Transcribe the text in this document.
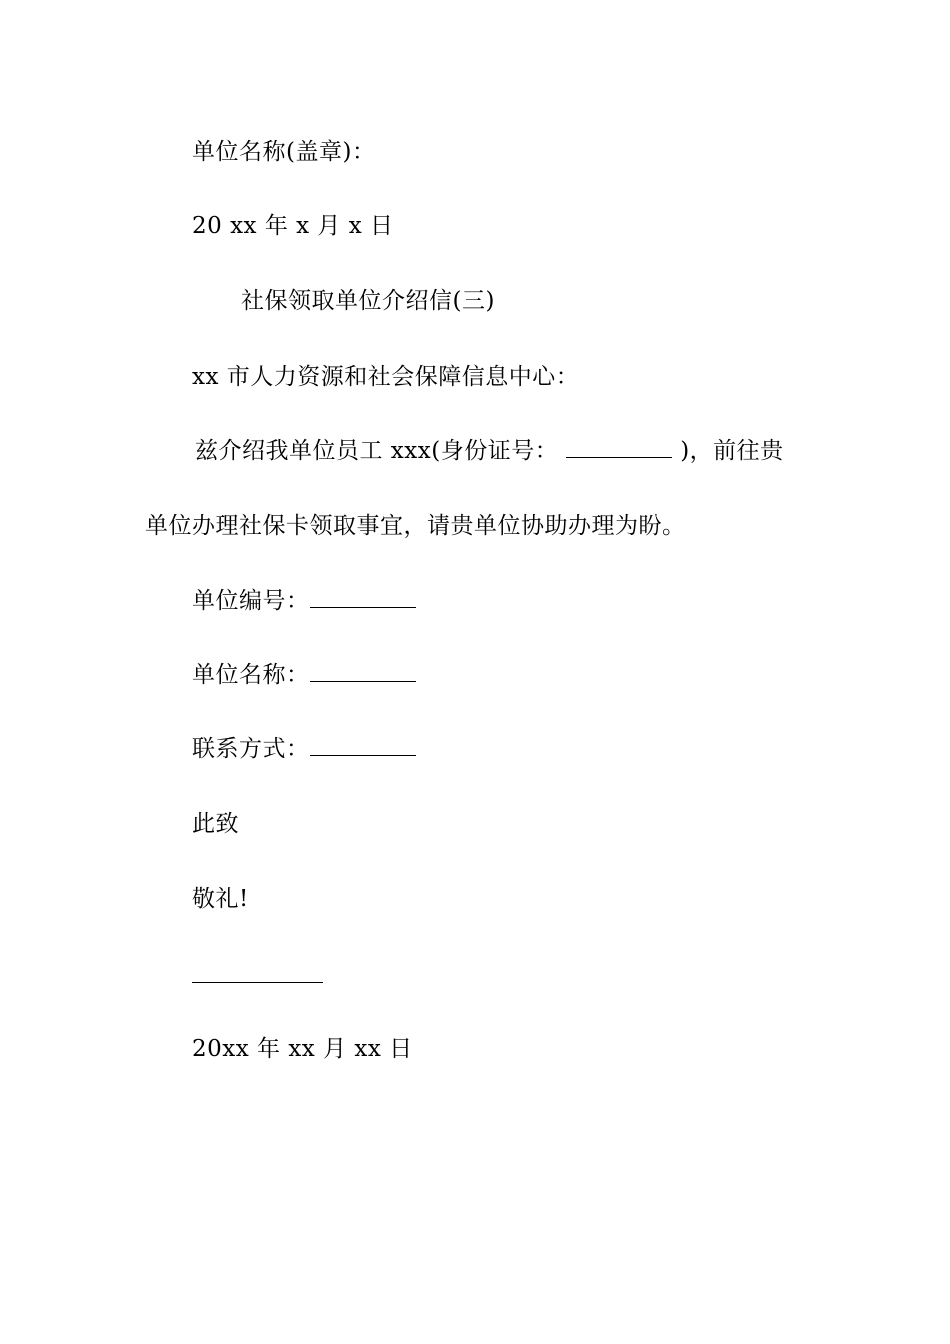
单位名称(盖章)：
20 xx 年 x 月 x 日
社保领取单位介绍信(三)
xx 市人力资源和社会保障信息中心：
兹介绍我单位员工 xxx(身份证号：	)，前往贵
单位办理社保卡领取事宜，请贵单位协助办理为盼。
单位编号：
单位名称：
联系方式：
此致
敬礼!
20xx 年 xx 月 xx 日
